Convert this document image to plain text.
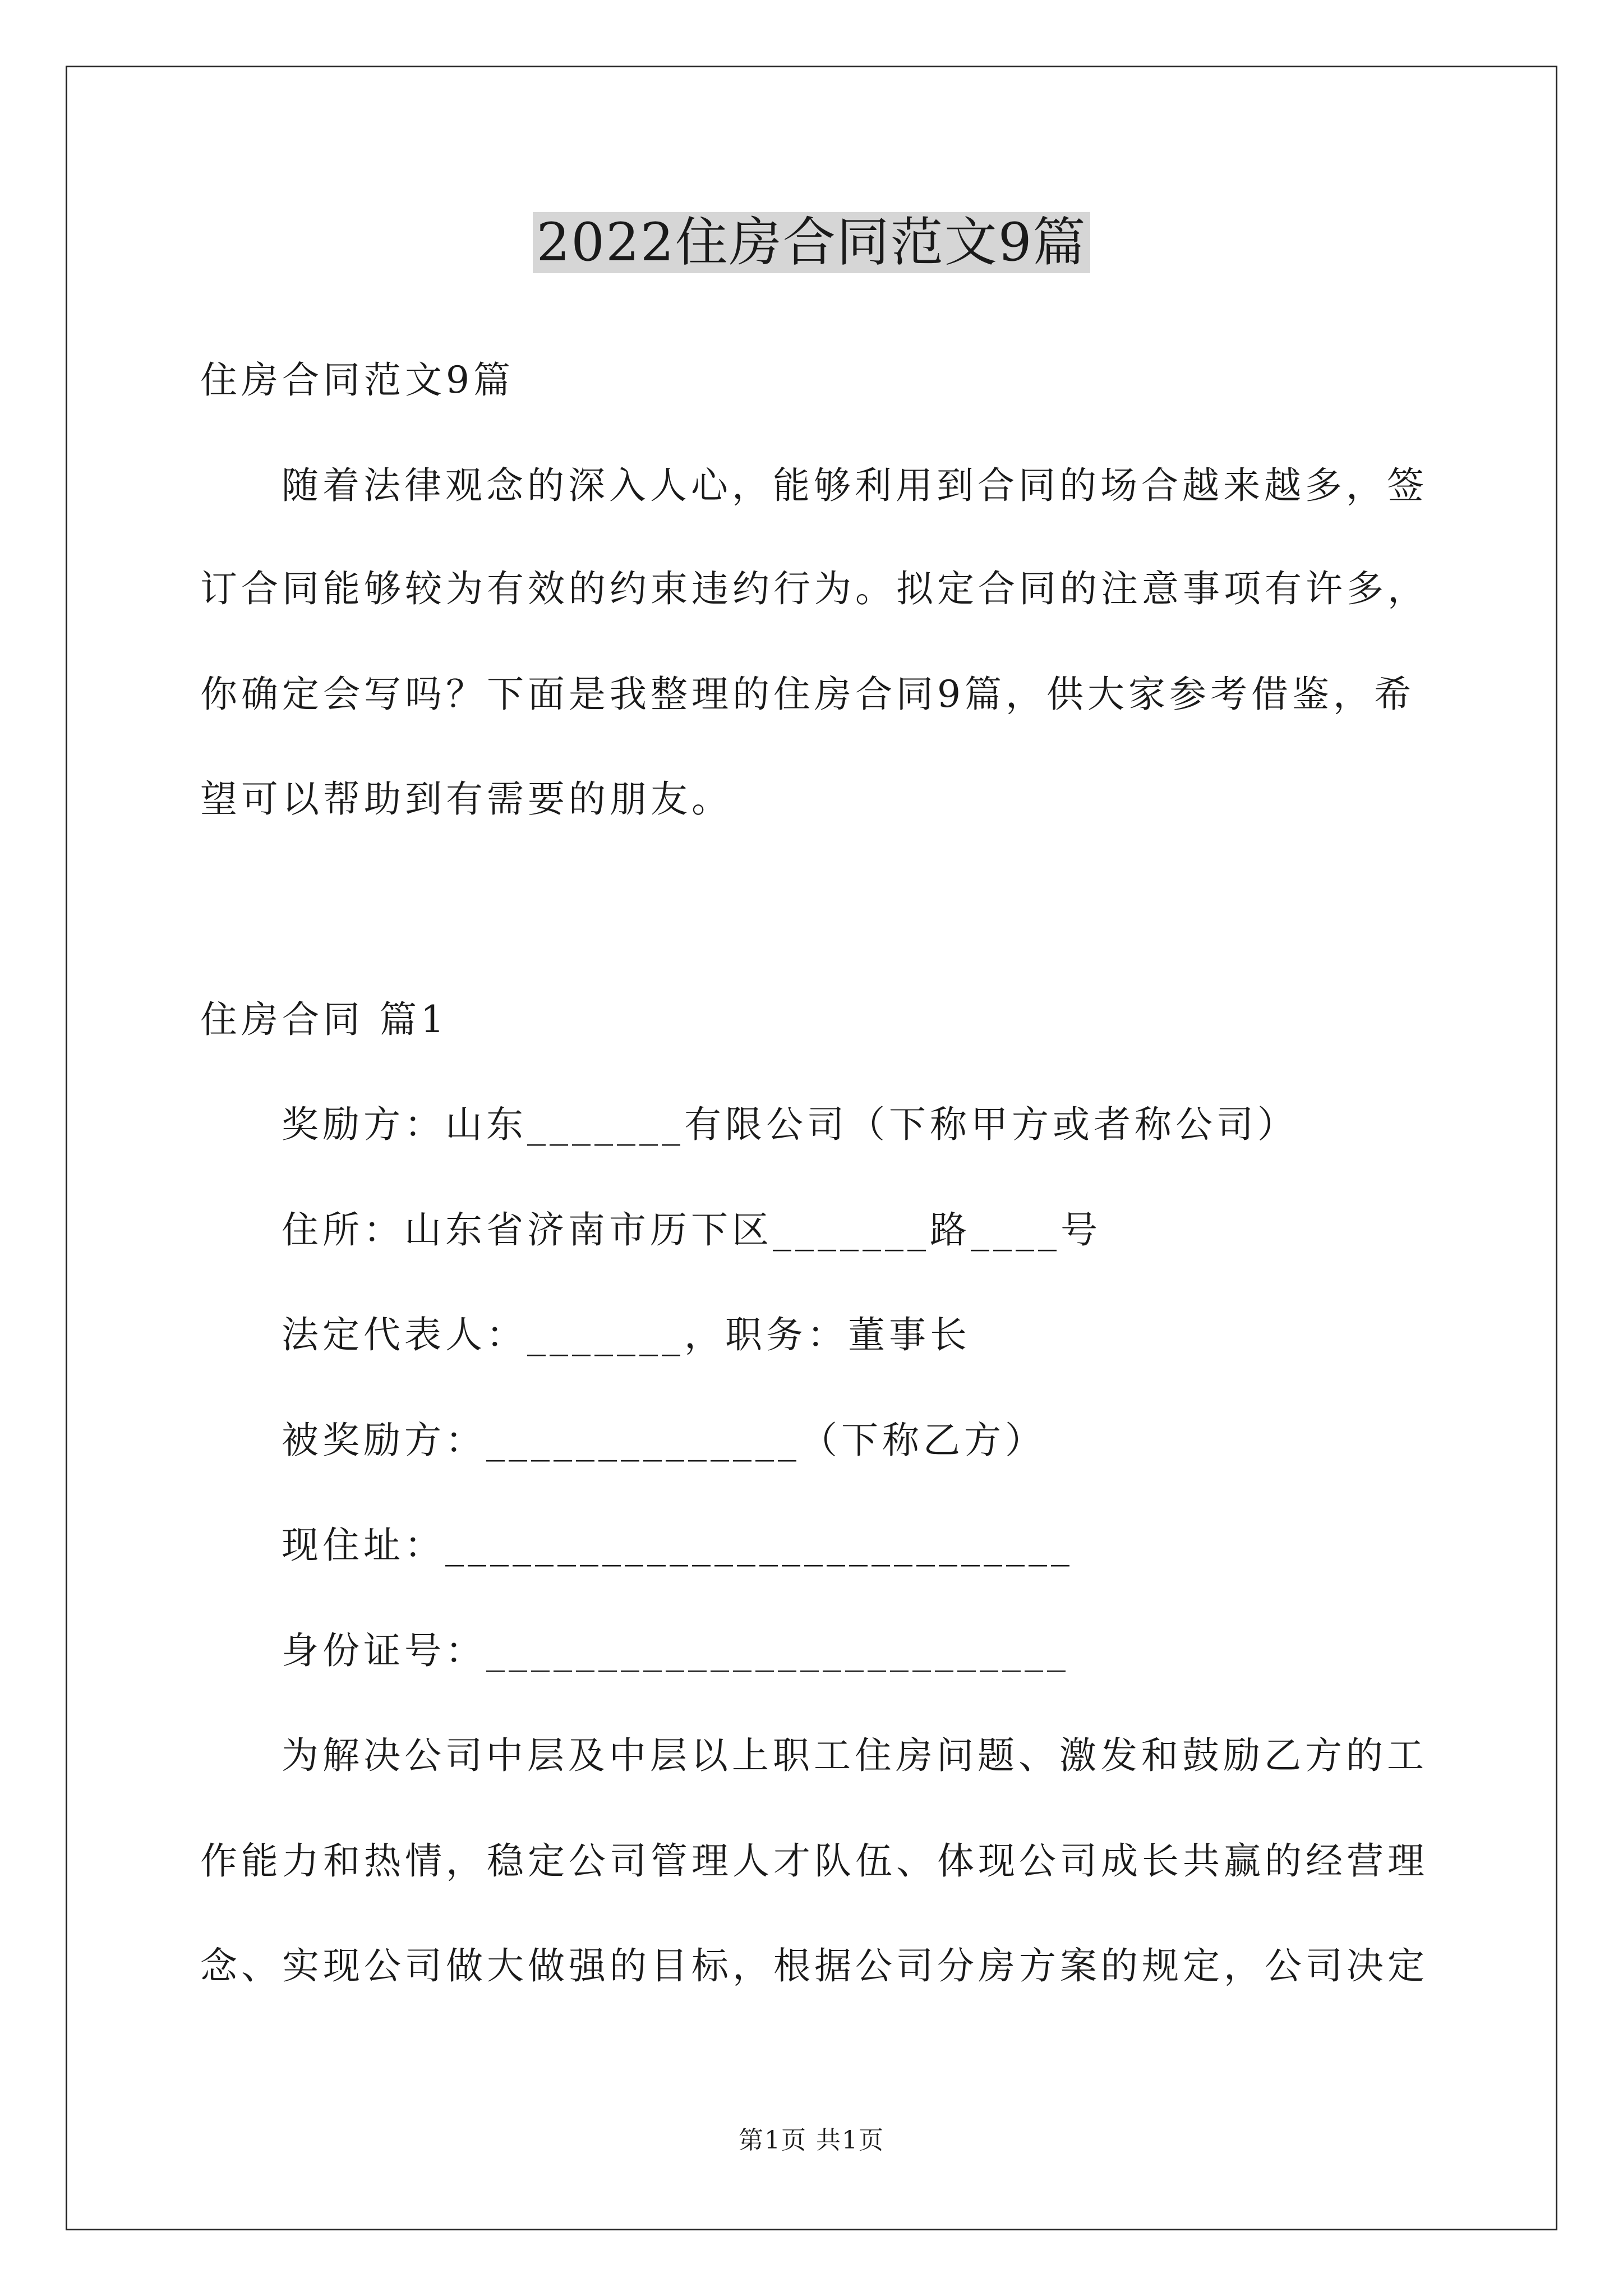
2022住房合同范文9篇
住房合同范文9篇
随着法律观念的深入人心，能够利用到合同的场合越来越多，签
订合同能够较为有效的约束违约行为。拟定合同的注意事项有许多，
你确定会写吗？下面是我整理的住房合同9篇，供大家参考借鉴，希
望可以帮助到有需要的朋友。
住房合同 篇1
奖励方：山东_______有限公司（下称甲方或者称公司）
住所：山东省济南市历下区_______路____号
法定代表人：_______，职务：董事长
被奖励方：______________（下称乙方）
现住址：____________________________
身份证号：__________________________
为解决公司中层及中层以上职工住房问题、激发和鼓励乙方的工
作能力和热情，稳定公司管理人才队伍、体现公司成长共赢的经营理
念、实现公司做大做强的目标，根据公司分房方案的规定，公司决定
第1页 共1页
